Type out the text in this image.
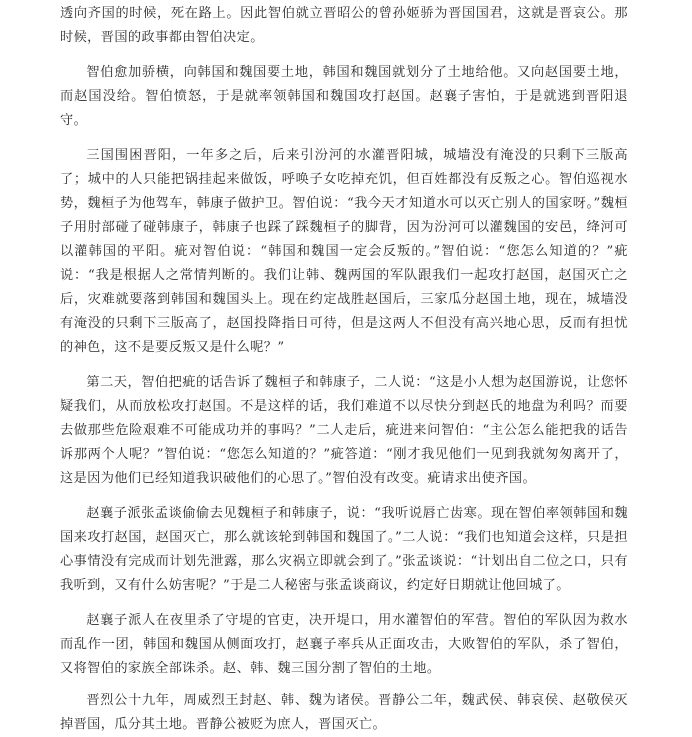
透向齐国的时候，死在路上。因此智伯就立晋昭公的曾孙姬骄为晋国国君，这就是晋哀公。那时候，晋国的政事都由智伯决定。

智伯愈加骄横，向韩国和魏国要土地，韩国和魏国就划分了土地给他。又向赵国要土地，而赵国没给。智伯愤怒，于是就率领韩国和魏国攻打赵国。赵襄子害怕，于是就逃到晋阳退守。

三国围困晋阳，一年多之后，后来引汾河的水灌晋阳城，城墙没有淹没的只剩下三版高了；城中的人只能把锅挂起来做饭，呼唤子女吃掉充饥，但百姓都没有反叛之心。智伯巡视水势，魏桓子为他驾车，韩康子做护卫。智伯说：“我今天才知道水可以灭亡别人的国家呀。”魏桓子用肘部碰了碰韩康子，韩康子也踩了踩魏桓子的脚背，因为汾河可以灌魏国的安邑，绛河可以灌韩国的平阳。疵对智伯说：“韩国和魏国一定会反叛的。”智伯说：“您怎么知道的？”疵说：“我是根据人之常情判断的。我们让韩、魏两国的军队跟我们一起攻打赵国，赵国灭亡之后，灾难就要落到韩国和魏国头上。现在约定战胜赵国后，三家瓜分赵国土地，现在，城墙没有淹没的只剩下三版高了，赵国投降指日可待，但是这两人不但没有高兴地心思，反而有担忧的神色，这不是要反叛又是什么呢？”

第二天，智伯把疵的话告诉了魏桓子和韩康子，二人说：“这是小人想为赵国游说，让您怀疑我们，从而放松攻打赵国。不是这样的话，我们难道不以尽快分到赵氏的地盘为利吗？而要去做那些危险艰难不可能成功并的事吗？”二人走后，疵进来问智伯：“主公怎么能把我的话告诉那两个人呢？”智伯说：“您怎么知道的？”疵答道：“刚才我见他们一见到我就匆匆离开了，这是因为他们已经知道我识破他们的心思了。”智伯没有改变。疵请求出使齐国。

赵襄子派张孟谈偷偷去见魏桓子和韩康子，说：“我听说唇亡齿寒。现在智伯率领韩国和魏国来攻打赵国，赵国灭亡，那么就该轮到韩国和魏国了。”二人说：“我们也知道会这样，只是担心事情没有完成而计划先泄露，那么灾祸立即就会到了。”张孟谈说：“计划出自二位之口，只有我听到，又有什么妨害呢？”于是二人秘密与张孟谈商议，约定好日期就让他回城了。

赵襄子派人在夜里杀了守堤的官吏，决开堤口，用水灌智伯的军营。智伯的军队因为救水而乱作一团，韩国和魏国从侧面攻打，赵襄子率兵从正面攻击，大败智伯的军队，杀了智伯，又将智伯的家族全部诛杀。赵、韩、魏三国分割了智伯的土地。

晋烈公十九年，周威烈王封赵、韩、魏为诸侯。晋静公二年，魏武侯、韩哀侯、赵敬侯灭掉晋国，瓜分其土地。晋静公被贬为庶人，晋国灭亡。
